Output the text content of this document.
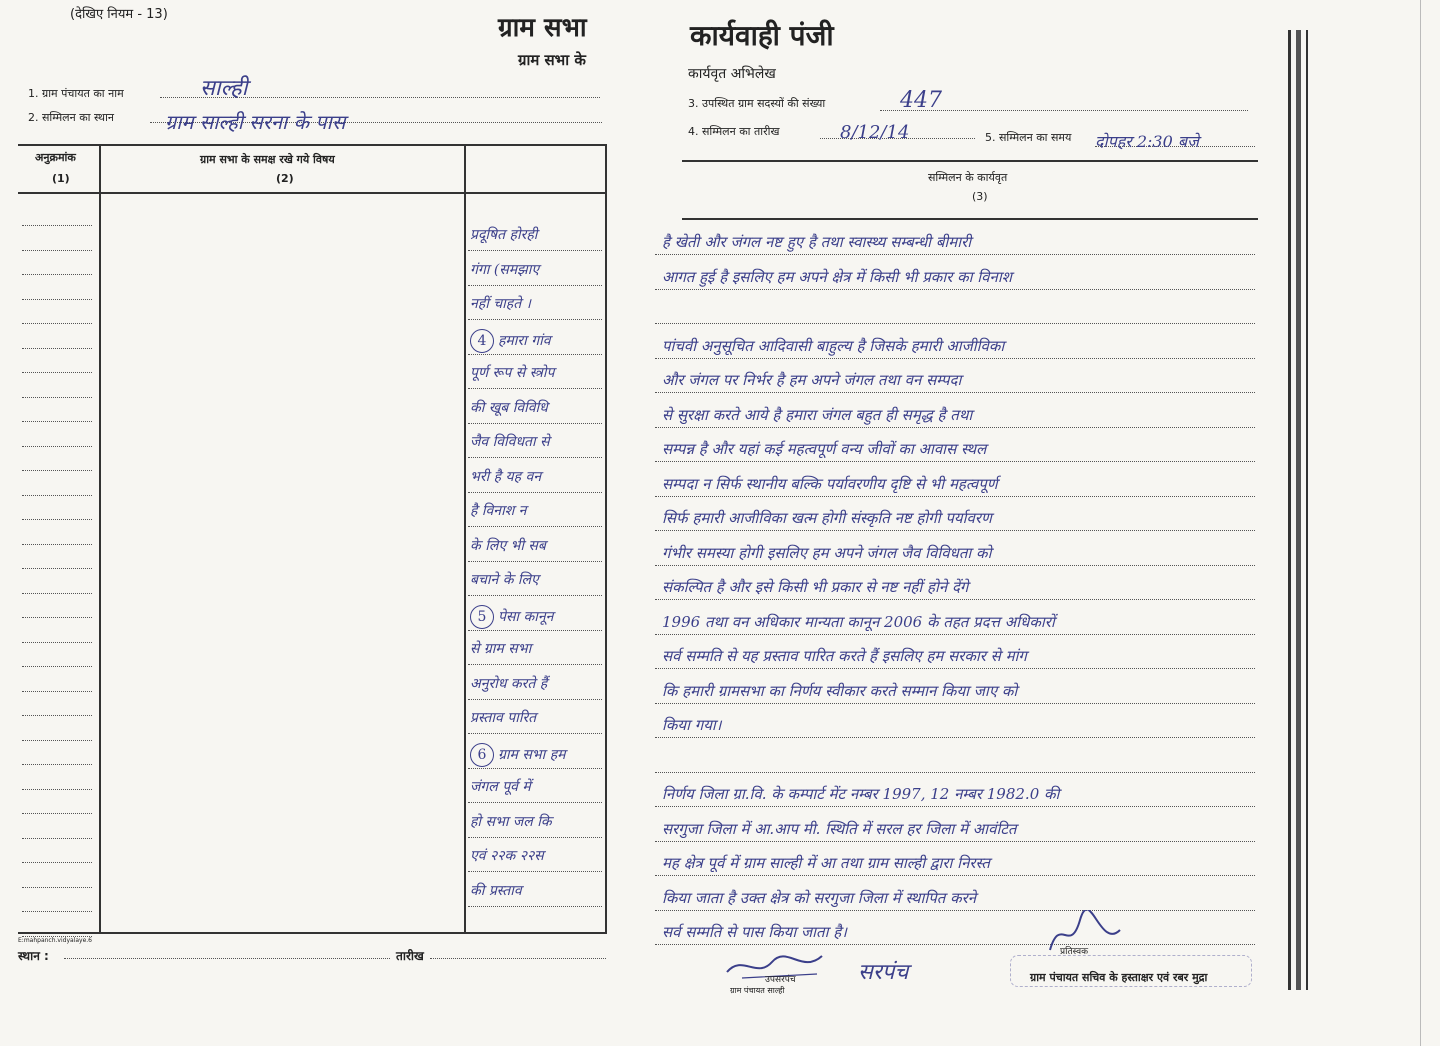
(देखिए नियम - 13)	ग्राम सभा
ग्राम सभा के
1. ग्राम पंचायत का नाम	साल्ही
2. सम्मिलन का स्थान	ग्राम साल्ही सरना के पास
अनुक्रमांक
(1)
ग्राम सभा के समक्ष रखे गये विषय
(2)
प्रदूषित होरही
गंगा (समझाए
नहीं चाहते ।
4 हमारा गांव
पूर्ण रूप से स्त्रोप
की खूब विविधि
जैव विविधता से
भरी है यह वन
है विनाश न
के लिए भी सब
बचाने के लिए
5 पेसा कानून
से ग्राम सभा
अनुरोध करते हैं
प्रस्ताव पारित
6 ग्राम सभा हम
जंगल पूर्व में
हो सभा जल कि
एवं २२क २२स
की प्रस्ताव
E:mahpanch.vidyalaye.6
स्थान :	तारीख
कार्यवाही पंजी
कार्यवृत अभिलेख
3. उपस्थित ग्राम सदस्यों की संख्या	447
4. सम्मिलन का तारीख	8/12/14	5. सम्मिलन का समय दोपहर 2:30 बजे
सम्मिलन के कार्यवृत
(3)
है खेती और जंगल नष्ट हुए है तथा स्वास्थ्य सम्बन्धी बीमारी
आगत हुई है इसलिए हम अपने क्षेत्र में किसी भी प्रकार का विनाश
पांचवी अनुसूचित आदिवासी बाहुल्य है जिसके हमारी आजीविका
और जंगल पर निर्भर है हम अपने जंगल तथा वन सम्पदा
से सुरक्षा करते आये है हमारा जंगल बहुत ही समृद्ध है तथा
सम्पन्न है और यहां कई महत्वपूर्ण वन्य जीवों का आवास स्थल
सम्पदा न सिर्फ स्थानीय बल्कि पर्यावरणीय दृष्टि से भी महत्वपूर्ण
सिर्फ हमारी आजीविका खत्म होगी संस्कृति नष्ट होगी पर्यावरण
गंभीर समस्या होगी इसलिए हम अपने जंगल जैव विविधता को
संकल्पित है और इसे किसी भी प्रकार से नष्ट नहीं होने देंगे
1996 तथा वन अधिकार मान्यता कानून 2006 के तहत प्रदत्त अधिकारों
सर्व सम्मति से यह प्रस्ताव पारित करते हैं इसलिए हम सरकार से मांग
कि हमारी ग्रामसभा का निर्णय स्वीकार करते सम्मान किया जाए को
किया गया।
निर्णय जिला ग्रा.वि. के कम्पार्ट मेंट नम्बर 1997, 12 नम्बर 1982.0 की
सरगुजा जिला में आ.आप मी. स्थिति में सरल हर जिला में आवंटित
मह क्षेत्र पूर्व में ग्राम साल्ही में आ तथा ग्राम साल्ही द्वारा निरस्त
किया जाता है उक्त क्षेत्र को सरगुजा जिला में स्थापित करने
सर्व सम्मति से पास किया जाता है।
उपसरपंच
ग्राम पंचायत साल्ही
सरपंच
प्रतिस्वक
ग्राम पंचायत सचिव के हस्ताक्षर एवं रबर मुद्रा
